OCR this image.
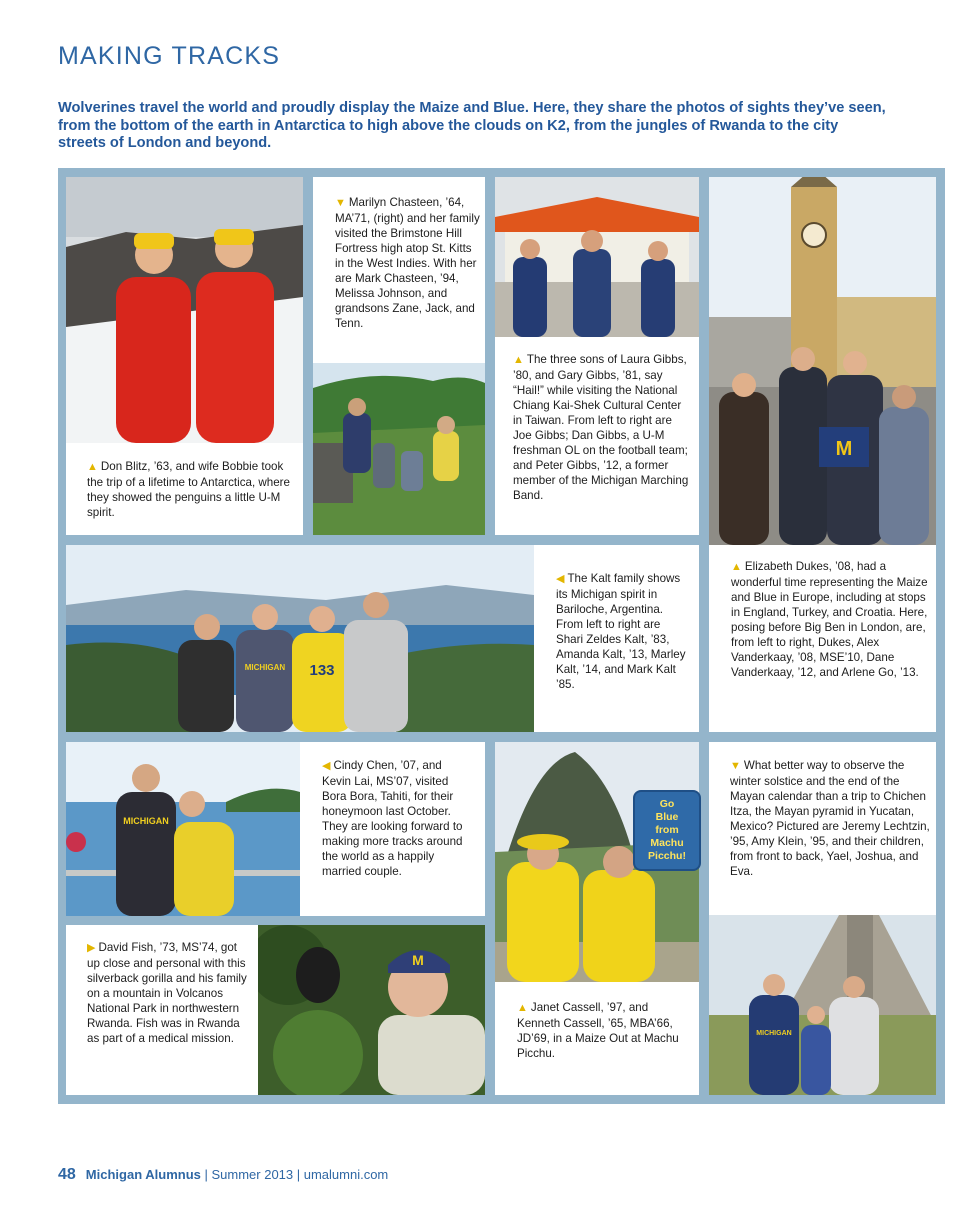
MAKING TRACKS

Wolverines travel the world and proudly display the Maize and Blue. Here, they share the photos of sights they’ve seen, from the bottom of the earth in Antarctica to high above the clouds on K2, from the jungles of Rwanda to the city streets of London and beyond.

▲ Don Blitz, ’63, and wife Bobbie took the trip of a lifetime to Antarctica, where they showed the penguins a little U-M spirit.

▼ Marilyn Chasteen, ’64, MA’71, (right) and her family visited the Brimstone Hill Fortress high atop St. Kitts in the West Indies. With her are Mark Chasteen, ’94, Melissa Johnson, and grandsons Zane, Jack, and Tenn.

▲ The three sons of Laura Gibbs, ’80, and Gary Gibbs, ’81, say “Hail!” while visiting the National Chiang Kai-Shek Cultural Center in Taiwan. From left to right are Joe Gibbs; Dan Gibbs, a U-M freshman OL on the football team; and Peter Gibbs, ’12, a former member of the Michigan Marching Band.

M

▲ Elizabeth Dukes, ’08, had a wonderful time representing the Maize and Blue in Europe, including at stops in England, Turkey, and Croatia. Here, posing before Big Ben in London, are, from left to right, Dukes, Alex Vanderkaay, ’08, MSE’10, Dane Vanderkaay, ’12, and Arlene Go, ’13.

133
MICHIGAN

◀ The Kalt family shows its Michigan spirit in Bariloche, Argentina. From left to right are Shari Zeldes Kalt, ’83, Amanda Kalt, ’13, Marley Kalt, ’14, and Mark Kalt ’85.

MICHIGAN

◀ Cindy Chen, ’07, and Kevin Lai, MS’07, visited Bora Bora, Tahiti, for their honeymoon last October. They are looking forward to making more tracks around the world as a happily married couple.

▶ David Fish, ’73, MS’74, got up close and personal with this silverback gorilla and his family on a mountain in Volcanos National Park in northwestern Rwanda. Fish was in Rwanda as part of a medical mission.

M
Go
Blue
from
Machu
Picchu!

▲ Janet Cassell, ’97, and Kenneth Cassell, ’65, MBA’66, JD’69, in a Maize Out at Machu Picchu.

▼ What better way to observe the winter solstice and the end of the Mayan calendar than a trip to Chichen Itza, the Mayan pyramid in Yucatan, Mexico? Pictured are Jeremy Lechtzin, ’95, Amy Klein, ’95, and their children, from front to back, Yael, Joshua, and Eva.

MICHIGAN
48 Michigan Alumnus | Summer 2013 | umalumni.com
